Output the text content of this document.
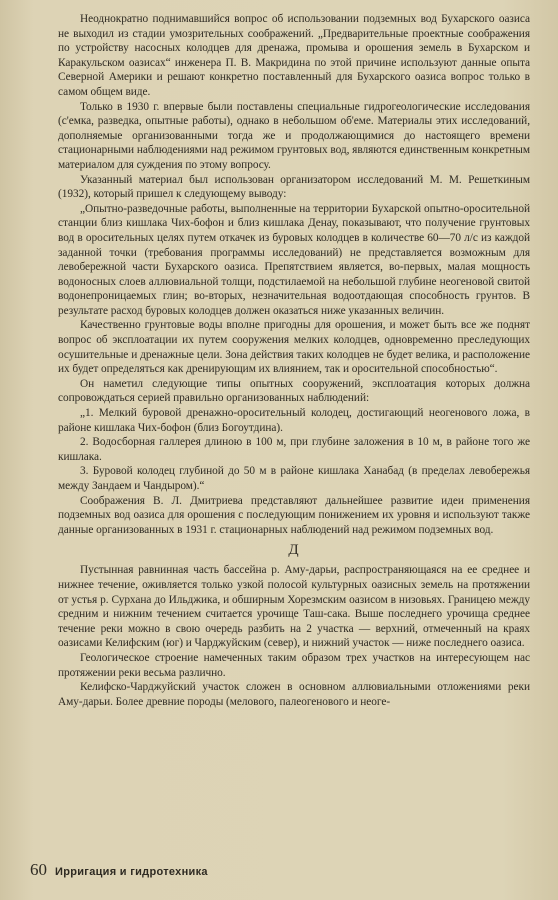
Неоднократно поднимавшийся вопрос об использовании подземных вод Бухарского оазиса не выходил из стадии умозрительных соображений. „Предварительные проектные соображения по устройству насосных колодцев для дренажа, промыва и орошения земель в Бухарском и Каракульском оазисах“ инженера П. В. Макридина по этой причине используют данные опыта Северной Америки и решают конкретно поставленный для Бухарского оазиса вопрос только в самом общем виде.

Только в 1930 г. впервые были поставлены специальные гидрогеологические исследования (с'емка, разведка, опытные работы), однако в небольшом об'еме. Материалы этих исследований, дополняемые организованными тогда же и продолжающимися до настоящего времени стационарными наблюдениями над режимом грунтовых вод, являются единственным конкретным материалом для суждения по этому вопросу.

Указанный материал был использован организатором исследований М. М. Решеткиным (1932), который пришел к следующему выводу:

„Опытно-разведочные работы, выполненные на территории Бухарской опытно-оросительной станции близ кишлака Чих-бофон и близ кишлака Денау, показывают, что получение грунтовых вод в оросительных целях путем откачек из буровых колодцев в количестве 60—70 л/с из каждой заданной точки (требования программы исследований) не представляется возможным для левобережной части Бухарского оазиса. Препятствием является, во-первых, малая мощность водоносных слоев аллювиальной толщи, подстилаемой на небольшой глубине неогеновой свитой водонепроницаемых глин; во-вторых, незначительная водоотдающая способность грунтов. В результате расход буровых колодцев должен оказаться ниже указанных величин.

Качественно грунтовые воды вполне пригодны для орошения, и может быть все же поднят вопрос об эксплоатации их путем сооружения мелких колодцев, одновременно преследующих осушительные и дренажные цели. Зона действия таких колодцев не будет велика, и расположение их будет определяться как дренирующим их влиянием, так и оросительной способностью“.

Он наметил следующие типы опытных сооружений, эксплоатация которых должна сопровождаться серией правильно организованных наблюдений:

„1. Мелкий буровой дренажно-оросительный колодец, достигающий неогенового ложа, в районе кишлака Чих-бофон (близ Богоутдина).

2. Водосборная галлерея длиною в 100 м, при глубине заложения в 10 м, в районе того же кишлака.

3. Буровой колодец глубиной до 50 м в районе кишлака Ханабад (в пределах левобережья между Зандаем и Чандыром).“

Соображения В. Л. Дмитриева представляют дальнейшее развитие идеи применения подземных вод оазиса для орошения с последующим понижением их уровня и используют также данные организованных в 1931 г. стационарных наблюдений над режимом подземных вод.

Д

Пустынная равнинная часть бассейна р. Аму-дарьи, распространяющаяся на ее среднее и нижнее течение, оживляется только узкой полосой культурных оазисных земель на протяжении от устья р. Сурхана до Ильджика, и обширным Хорезмским оазисом в низовьях. Границею между средним и нижним течением считается урочище Таш-сака. Выше последнего урочища среднее течение реки можно в свою очередь разбить на 2 участка — верхний, отмеченный на краях оазисами Келифским (юг) и Чарджуйским (север), и нижний участок — ниже последнего оазиса.

Геологическое строение намеченных таким образом трех участков на интересующем нас протяжении реки весьма различно.

Келифско-Чарджуйский участок сложен в основном аллювиальными отложениями реки Аму-дарьи. Более древние породы (мелового, палеогенового и неоге-

60 Ирригация и гидротехника
